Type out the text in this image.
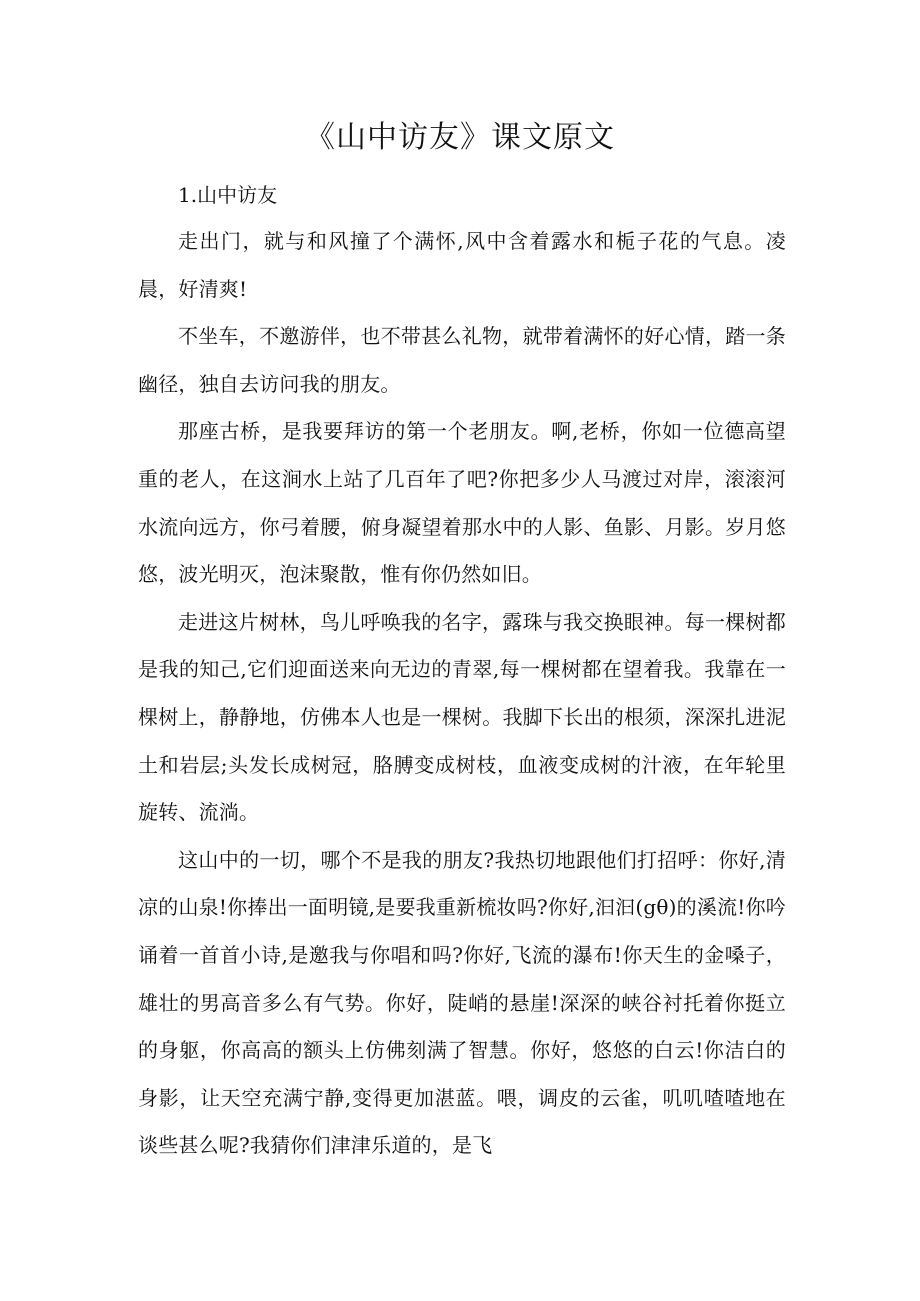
《山中访友》课文原文

1.山中访友

走出门，就与和风撞了个满怀,风中含着露水和栀子花的气息。凌晨，好清爽!

不坐车，不邀游伴，也不带甚么礼物，就带着满怀的好心情，踏一条幽径，独自去访问我的朋友。

那座古桥，是我要拜访的第一个老朋友。啊,老桥，你如一位德高望重的老人，在这涧水上站了几百年了吧?你把多少人马渡过对岸，滚滚河水流向远方，你弓着腰，俯身凝望着那水中的人影、鱼影、月影。岁月悠悠，波光明灭，泡沫聚散，惟有你仍然如旧。

走进这片树林，鸟儿呼唤我的名字，露珠与我交换眼神。每一棵树都是我的知己,它们迎面送来向无边的青翠,每一棵树都在望着我。我靠在一棵树上，静静地，仿佛本人也是一棵树。我脚下长出的根须，深深扎进泥土和岩层;头发长成树冠，胳膊变成树枝，血液变成树的汁液，在年轮里旋转、流淌。

这山中的一切，哪个不是我的朋友?我热切地跟他们打招呼：你好,清凉的山泉!你捧出一面明镜,是要我重新梳妆吗?你好,汩汩(gθ)的溪流!你吟诵着一首首小诗,是邀我与你唱和吗?你好,飞流的瀑布!你天生的金嗓子，雄壮的男高音多么有气势。你好，陡峭的悬崖!深深的峡谷衬托着你挺立的身躯，你高高的额头上仿佛刻满了智慧。你好，悠悠的白云!你洁白的身影，让天空充满宁静,变得更加湛蓝。喂，调皮的云雀，叽叽喳喳地在谈些甚么呢?我猜你们津津乐道的，是飞
